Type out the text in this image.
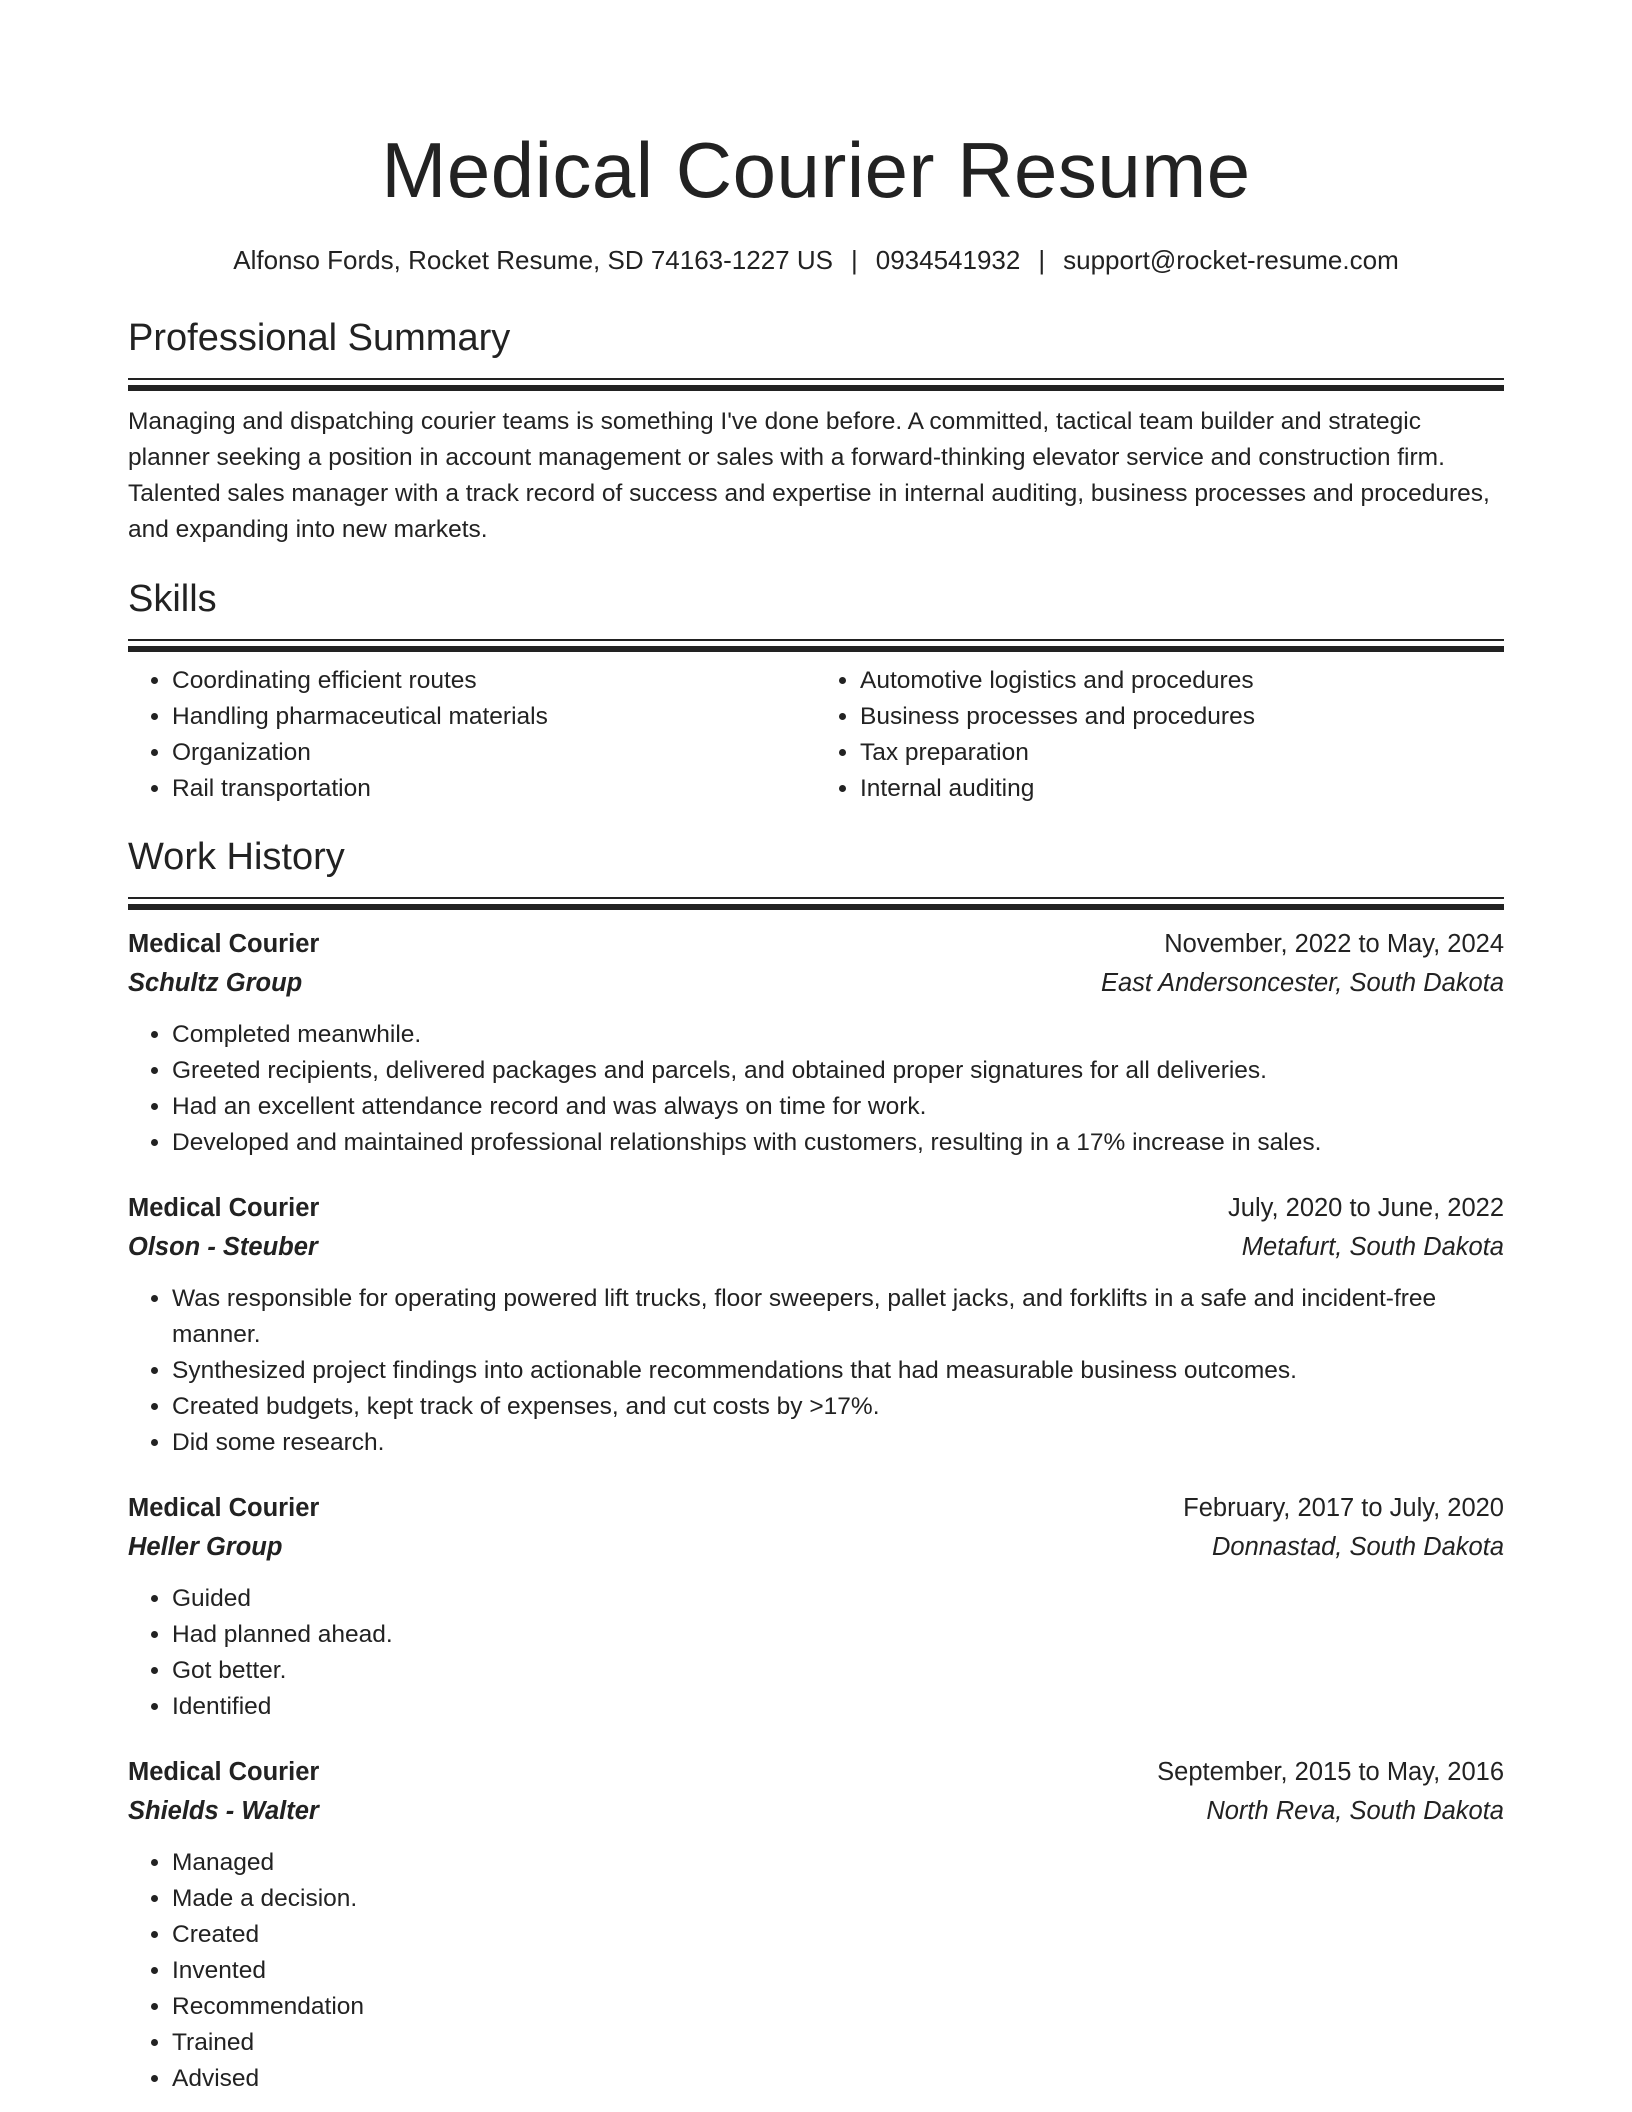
Medical Courier Resume
Alfonso Fords, Rocket Resume, SD 74163-1227 US | 0934541932 | support@rocket-resume.com
Professional Summary

Managing and dispatching courier teams is something I've done before. A committed, tactical team builder and strategic planner seeking a position in account management or sales with a forward-thinking elevator service and construction firm. Talented sales manager with a track record of success and expertise in internal auditing, business processes and procedures, and expanding into new markets.

Skills
• Coordinating efficient routes
• Handling pharmaceutical materials
• Organization
• Rail transportation
• Automotive logistics and procedures
• Business processes and procedures
• Tax preparation
• Internal auditing
Work History
Medical Courier	November, 2022 to May, 2024
Schultz Group	East Andersoncester, South Dakota
• Completed meanwhile.
• Greeted recipients, delivered packages and parcels, and obtained proper signatures for all deliveries.
• Had an excellent attendance record and was always on time for work.
• Developed and maintained professional relationships with customers, resulting in a 17% increase in sales.
Medical Courier	July, 2020 to June, 2022
Olson - Steuber	Metafurt, South Dakota
• Was responsible for operating powered lift trucks, floor sweepers, pallet jacks, and forklifts in a safe and incident-free manner.
• Synthesized project findings into actionable recommendations that had measurable business outcomes.
• Created budgets, kept track of expenses, and cut costs by >17%.
• Did some research.
Medical Courier	February, 2017 to July, 2020
Heller Group	Donnastad, South Dakota
• Guided
• Had planned ahead.
• Got better.
• Identified
Medical Courier	September, 2015 to May, 2016
Shields - Walter	North Reva, South Dakota
• Managed
• Made a decision.
• Created
• Invented
• Recommendation
• Trained
• Advised
